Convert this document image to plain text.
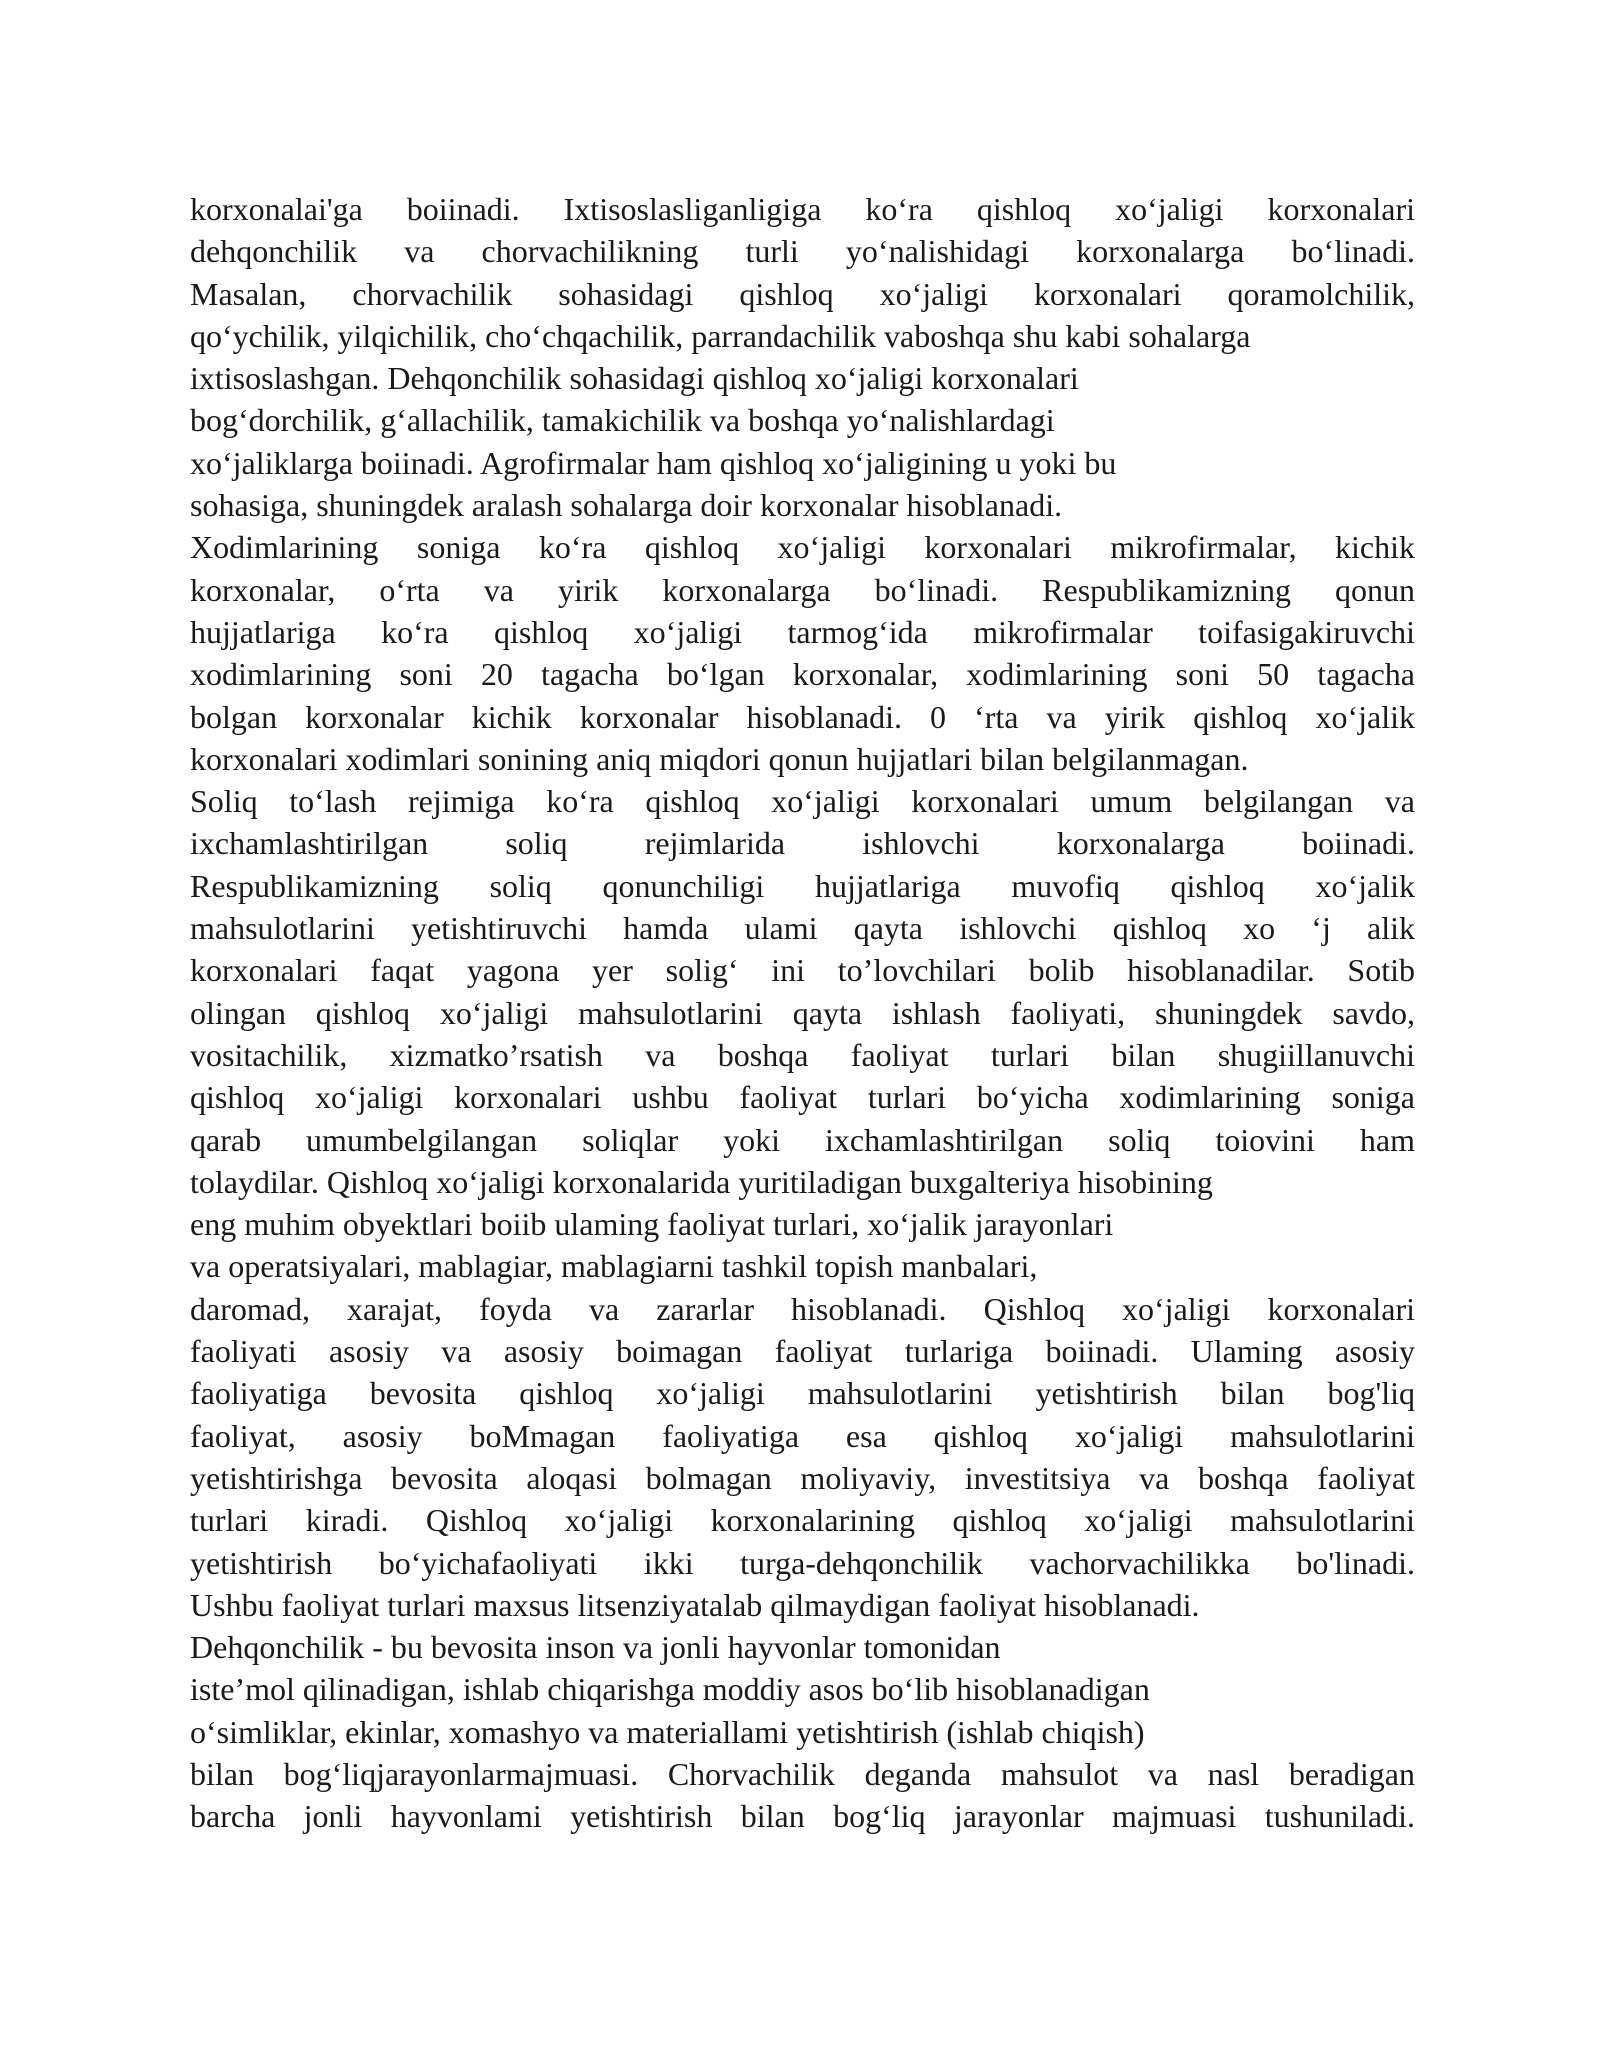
korxonalai'ga boiinadi. Ixtisoslasliganligiga ko‘ra qishloq xo‘jaligi korxonalari
dehqonchilik va chorvachilikning turli yo‘nalishidagi korxonalarga bo‘linadi.
Masalan, chorvachilik sohasidagi qishloq xo‘jaligi korxonalari qoramolchilik,
qo‘ychilik, yilqichilik, cho‘chqachilik, parrandachilik vaboshqa shu kabi sohalarga
ixtisoslashgan. Dehqonchilik sohasidagi qishloq xo‘jaligi korxonalari
bog‘dorchilik, g‘allachilik, tamakichilik va boshqa yo‘nalishlardagi
xo‘jaliklarga boiinadi. Agrofirmalar ham qishloq xo‘jaligining u yoki bu
sohasiga, shuningdek aralash sohalarga doir korxonalar hisoblanadi.
Xodimlarining soniga ko‘ra qishloq xo‘jaligi korxonalari mikrofirmalar, kichik
korxonalar, o‘rta va yirik korxonalarga bo‘linadi. Respublikamizning qonun
hujjatlariga ko‘ra qishloq xo‘jaligi tarmog‘ida mikrofirmalar toifasigakiruvchi
xodimlarining soni 20 tagacha bo‘lgan korxonalar, xodimlarining soni 50 tagacha
bolgan korxonalar kichik korxonalar hisoblanadi. 0 ‘rta va yirik qishloq xo‘jalik
korxonalari xodimlari sonining aniq miqdori qonun hujjatlari bilan belgilanmagan.
Soliq to‘lash rejimiga ko‘ra qishloq xo‘jaligi korxonalari umum belgilangan va
ixchamlashtirilgan soliq rejimlarida ishlovchi korxonalarga boiinadi.
Respublikamizning soliq qonunchiligi hujjatlariga muvofiq qishloq xo‘jalik
mahsulotlarini yetishtiruvchi hamda ulami qayta ishlovchi qishloq xo ‘j alik
korxonalari faqat yagona yer solig‘ ini to’lovchilari bolib hisoblanadilar. Sotib
olingan qishloq xo‘jaligi mahsulotlarini qayta ishlash faoliyati, shuningdek savdo,
vositachilik, xizmatko’rsatish va boshqa faoliyat turlari bilan shugiillanuvchi
qishloq xo‘jaligi korxonalari ushbu faoliyat turlari bo‘yicha xodimlarining soniga
qarab umumbelgilangan soliqlar yoki ixchamlashtirilgan soliq toiovini ham
tolaydilar. Qishloq xo‘jaligi korxonalarida yuritiladigan buxgalteriya hisobining
eng muhim obyektlari boiib ulaming faoliyat turlari, xo‘jalik jarayonlari
va operatsiyalari, mablagiar, mablagiarni tashkil topish manbalari,
daromad, xarajat, foyda va zararlar hisoblanadi. Qishloq xo‘jaligi korxonalari
faoliyati asosiy va asosiy boimagan faoliyat turlariga boiinadi. Ulaming asosiy
faoliyatiga bevosita qishloq xo‘jaligi mahsulotlarini yetishtirish bilan bog'liq
faoliyat, asosiy boMmagan faoliyatiga esa qishloq xo‘jaligi mahsulotlarini
yetishtirishga bevosita aloqasi bolmagan moliyaviy, investitsiya va boshqa faoliyat
turlari kiradi. Qishloq xo‘jaligi korxonalarining qishloq xo‘jaligi mahsulotlarini
yetishtirish bo‘yichafaoliyati ikki turga-dehqonchilik vachorvachilikka bo'linadi.
Ushbu faoliyat turlari maxsus litsenziyatalab qilmaydigan faoliyat hisoblanadi.
Dehqonchilik - bu bevosita inson va jonli hayvonlar tomonidan
iste’mol qilinadigan, ishlab chiqarishga moddiy asos bo‘lib hisoblanadigan
o‘simliklar, ekinlar, xomashyo va materiallami yetishtirish (ishlab chiqish)
bilan bog‘liqjarayonlarmajmuasi. Chorvachilik deganda mahsulot va nasl beradigan
barcha jonli hayvonlami yetishtirish bilan bog‘liq jarayonlar majmuasi tushuniladi.
